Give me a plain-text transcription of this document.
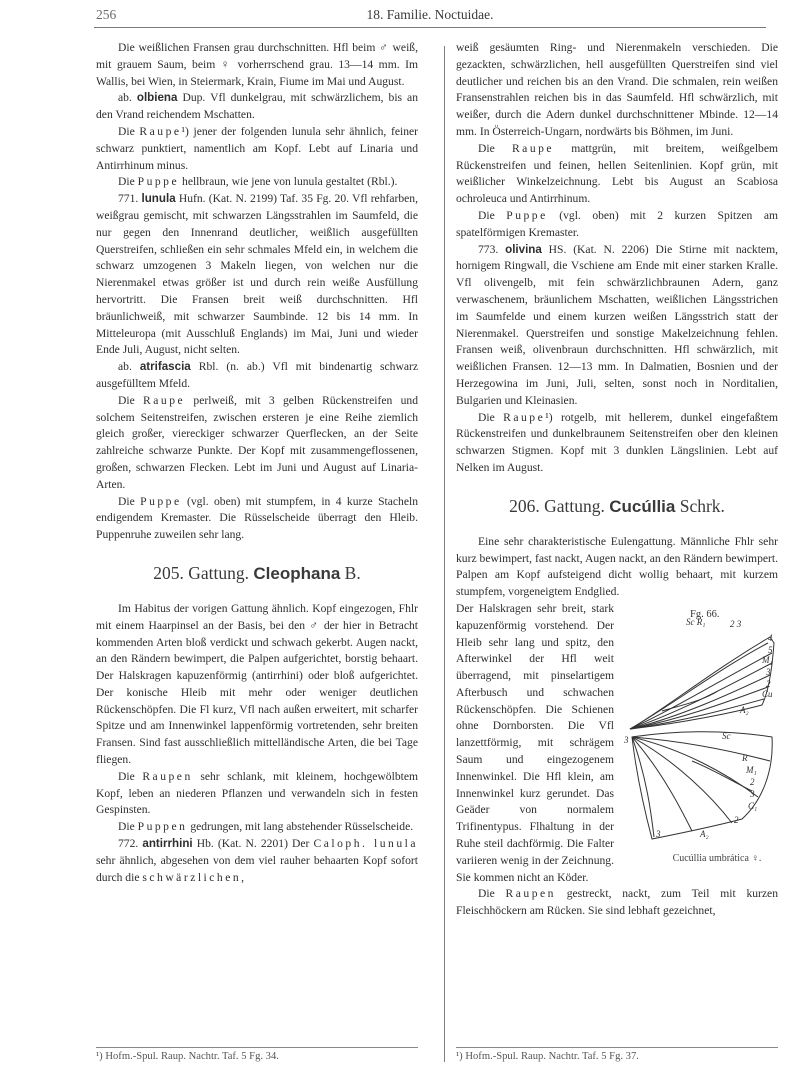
256	18. Familie. Noctuidae.

Die weißlichen Fransen grau durchschnitten. Hfl beim ♂ weiß, mit grauem Saum, beim ♀ vorherrschend grau. 13—14 mm. Im Wallis, bei Wien, in Steiermark, Krain, Fiume im Mai und August.

ab. olbiena Dup. Vfl dunkelgrau, mit schwärzlichem, bis an den Vrand reichendem Mschatten.

Die Raupe¹) jener der folgenden lunula sehr ähnlich, feiner schwarz punktiert, namentlich am Kopf. Lebt auf Linaria und Antirrhinum minus.

Die Puppe hellbraun, wie jene von lunula gestaltet (Rbl.).

771. lunula Hufn. (Kat. N. 2199) Taf. 35 Fg. 20. Vfl rehfarben, weißgrau gemischt, mit schwarzen Längsstrahlen im Saumfeld, die nur gegen den Innenrand deutlicher, weißlich ausgefüllten Querstreifen, schließen ein sehr schmales Mfeld ein, in welchem die schwarz umzogenen 3 Makeln liegen, von welchen nur die Nierenmakel etwas größer ist und durch rein weiße Ausfüllung hervortritt. Die Fransen breit weiß durchschnitten. Hfl bräunlichweiß, mit schwarzer Saumbinde. 12 bis 14 mm. In Mitteleuropa (mit Ausschluß Englands) im Mai, Juni und wieder Ende Juli, August, nicht selten.

ab. atrifascia Rbl. (n. ab.) Vfl mit bindenartig schwarz ausgefülltem Mfeld.

Die Raupe perlweiß, mit 3 gelben Rückenstreifen und solchem Seitenstreifen, zwischen ersteren je eine Reihe ziemlich gleich großer, viereckiger schwarzer Querflecken, an der Seite zahlreiche schwarze Punkte. Der Kopf mit zusammengeflossenen, großen, schwarzen Flecken. Lebt im Juni und August auf Linaria-Arten.

Die Puppe (vgl. oben) mit stumpfem, in 4 kurze Stacheln endigendem Kremaster. Die Rüsselscheide überragt den Hleib. Puppenruhe zuweilen sehr lang.

205. Gattung. Cleophana B.

Im Habitus der vorigen Gattung ähnlich. Kopf eingezogen, Fhlr mit einem Haarpinsel an der Basis, bei den ♂ der hier in Betracht kommenden Arten bloß verdickt und schwach gekerbt. Augen nackt, an den Rändern bewimpert, die Palpen aufgerichtet, borstig behaart. Der Halskragen kapuzenförmig (antirrhini) oder bloß aufgerichtet. Der konische Hleib mit mehr oder weniger deutlichen Rückenschöpfen. Die Fl kurz, Vfl nach außen erweitert, mit scharfer Spitze und am Innenwinkel lappenförmig vortretenden, sehr breiten Fransen. Sind fast ausschließlich mittelländische Arten, die bei Tage fliegen.

Die Raupen sehr schlank, mit kleinem, hochgewölbtem Kopf, leben an niederen Pflanzen und verwandeln sich in festen Gespinsten.

Die Puppen gedrungen, mit lang abstehender Rüsselscheide.

772. antirrhini Hb. (Kat. N. 2201) Der Caloph. lunula sehr ähnlich, abgesehen von dem viel rauher behaarten Kopf sofort durch die schwärzlichen,

¹) Hofm.-Spul. Raup. Nachtr. Taf. 5 Fg. 34.

weiß gesäumten Ring- und Nierenmakeln verschieden. Die gezackten, schwärzlichen, hell ausgefüllten Querstreifen sind viel deutlicher und reichen bis an den Vrand. Die schmalen, rein weißen Fransenstrahlen reichen bis in das Saumfeld. Hfl schwärzlich, mit weißer, durch die Adern dunkel durchschnittener Mbinde. 12—14 mm. In Österreich-Ungarn, nordwärts bis Böhmen, im Juni.

Die Raupe mattgrün, mit breitem, weißgelbem Rückenstreifen und feinen, hellen Seitenlinien. Kopf grün, mit weißlicher Winkelzeichnung. Lebt bis August an Scabiosa ochroleuca und Antirrhinum.

Die Puppe (vgl. oben) mit 2 kurzen Spitzen am spatelförmigen Kremaster.

773. olivina HS. (Kat. N. 2206) Die Stirne mit nacktem, hornigem Ringwall, die Vschiene am Ende mit einer starken Kralle. Vfl olivengelb, mit fein schwärzlichbraunen Adern, ganz verwaschenem, bräunlichem Mschatten, weißlichen Längsstrichen im Saumfelde und einem kurzen weißen Längsstrich statt der Nierenmakel. Querstreifen und sonstige Makelzeichnung fehlen. Fransen weiß, olivenbraun durchschnitten. Hfl schwärzlich, mit weißlichen Fransen. 12—13 mm. In Dalmatien, Bosnien und der Herzegowina im Juni, Juli, selten, sonst noch in Norditalien, Bulgarien und Kleinasien.

Die Raupe¹) rotgelb, mit hellerem, dunkel eingefaßtem Rückenstreifen und dunkelbraunem Seitenstreifen ober den kleinen schwarzen Stigmen. Kopf mit 3 dunklen Längslinien. Lebt auf Nelken im August.

206. Gattung. Cucúllia Schrk.

Eine sehr charakteristische Eulengattung. Männliche Fhlr sehr kurz bewimpert, fast nackt, Augen nackt, an den Rändern bewimpert. Palpen am Kopf aufsteigend dicht wollig behaart, mit kurzem stumpfem, vorgeneigtem Endglied.

Fg. 66.
Sc R₁	2 3
4
5
M₁
3
2
Cu
A₂
3	Sc
R
M₁
2
3
C₁
2
3	A₂
Cucúllia umbrática ♀.

Der Halskragen sehr breit, stark kapuzenförmig vorstehend. Der Hleib sehr lang und spitz, den Afterwinkel der Hfl weit überragend, mit pinselartigem Afterbusch und schwachen Rückenschöpfen. Die Schienen ohne Dornborsten. Die Vfl lanzettförmig, mit schrägem Saum und eingezogenem Innenwinkel. Die Hfl klein, am Innenwinkel kurz gerundet. Das Geäder von normalem Trifinentypus. Flhaltung in der Ruhe steil dachförmig. Die Falter variieren wenig in der Zeichnung. Sie kommen nicht an Köder.

Die Raupen gestreckt, nackt, zum Teil mit kurzen Fleischhöckern am Rücken. Sie sind lebhaft gezeichnet,

¹) Hofm.-Spul. Raup. Nachtr. Taf. 5 Fg. 37.
